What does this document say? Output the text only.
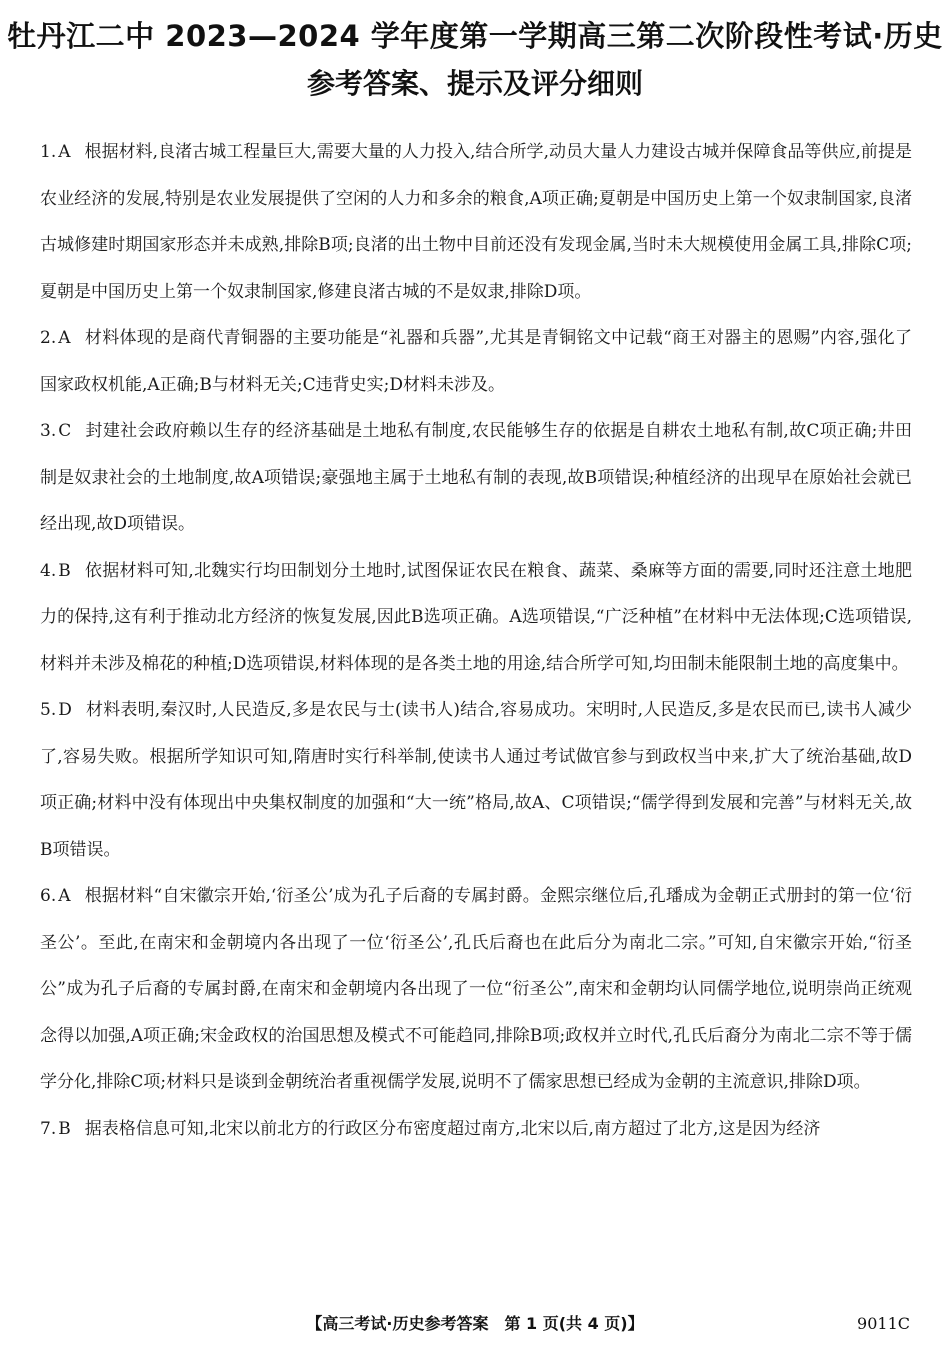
牡丹江二中 2023—2024 学年度第一学期高三第二次阶段性考试·历史
参考答案、提示及评分细则

1. A 根据材料,良渚古城工程量巨大,需要大量的人力投入,结合所学,动员大量人力建设古城并保障食品等供应,前提是农业经济的发展,特别是农业发展提供了空闲的人力和多余的粮食,A项正确;夏朝是中国历史上第一个奴隶制国家,良渚古城修建时期国家形态并未成熟,排除B项;良渚的出土物中目前还没有发现金属,当时未大规模使用金属工具,排除C项;夏朝是中国历史上第一个奴隶制国家,修建良渚古城的不是奴隶,排除D项。

2. A 材料体现的是商代青铜器的主要功能是“礼器和兵器”,尤其是青铜铭文中记载“商王对器主的恩赐”内容,强化了国家政权机能,A正确;B与材料无关;C违背史实;D材料未涉及。

3. C 封建社会政府赖以生存的经济基础是土地私有制度,农民能够生存的依据是自耕农土地私有制,故C项正确;井田制是奴隶社会的土地制度,故A项错误;豪强地主属于土地私有制的表现,故B项错误;种植经济的出现早在原始社会就已经出现,故D项错误。

4. B 依据材料可知,北魏实行均田制划分土地时,试图保证农民在粮食、蔬菜、桑麻等方面的需要,同时还注意土地肥力的保持,这有利于推动北方经济的恢复发展,因此B选项正确。A选项错误,“广泛种植”在材料中无法体现;C选项错误,材料并未涉及棉花的种植;D选项错误,材料体现的是各类土地的用途,结合所学可知,均田制未能限制土地的高度集中。

5. D 材料表明,秦汉时,人民造反,多是农民与士(读书人)结合,容易成功。宋明时,人民造反,多是农民而已,读书人减少了,容易失败。根据所学知识可知,隋唐时实行科举制,使读书人通过考试做官参与到政权当中来,扩大了统治基础,故D项正确;材料中没有体现出中央集权制度的加强和“大一统”格局,故A、C项错误;“儒学得到发展和完善”与材料无关,故B项错误。

6. A 根据材料“自宋徽宗开始,‘衍圣公’成为孔子后裔的专属封爵。金熙宗继位后,孔璠成为金朝正式册封的第一位‘衍圣公’。至此,在南宋和金朝境内各出现了一位‘衍圣公’,孔氏后裔也在此后分为南北二宗。”可知,自宋徽宗开始,“衍圣公”成为孔子后裔的专属封爵,在南宋和金朝境内各出现了一位“衍圣公”,南宋和金朝均认同儒学地位,说明崇尚正统观念得以加强,A项正确;宋金政权的治国思想及模式不可能趋同,排除B项;政权并立时代,孔氏后裔分为南北二宗不等于儒学分化,排除C项;材料只是谈到金朝统治者重视儒学发展,说明不了儒家思想已经成为金朝的主流意识,排除D项。

7. B 据表格信息可知,北宋以前北方的行政区分布密度超过南方,北宋以后,南方超过了北方,这是因为经济

【高三考试·历史参考答案　第 1 页(共 4 页)】	9011C
